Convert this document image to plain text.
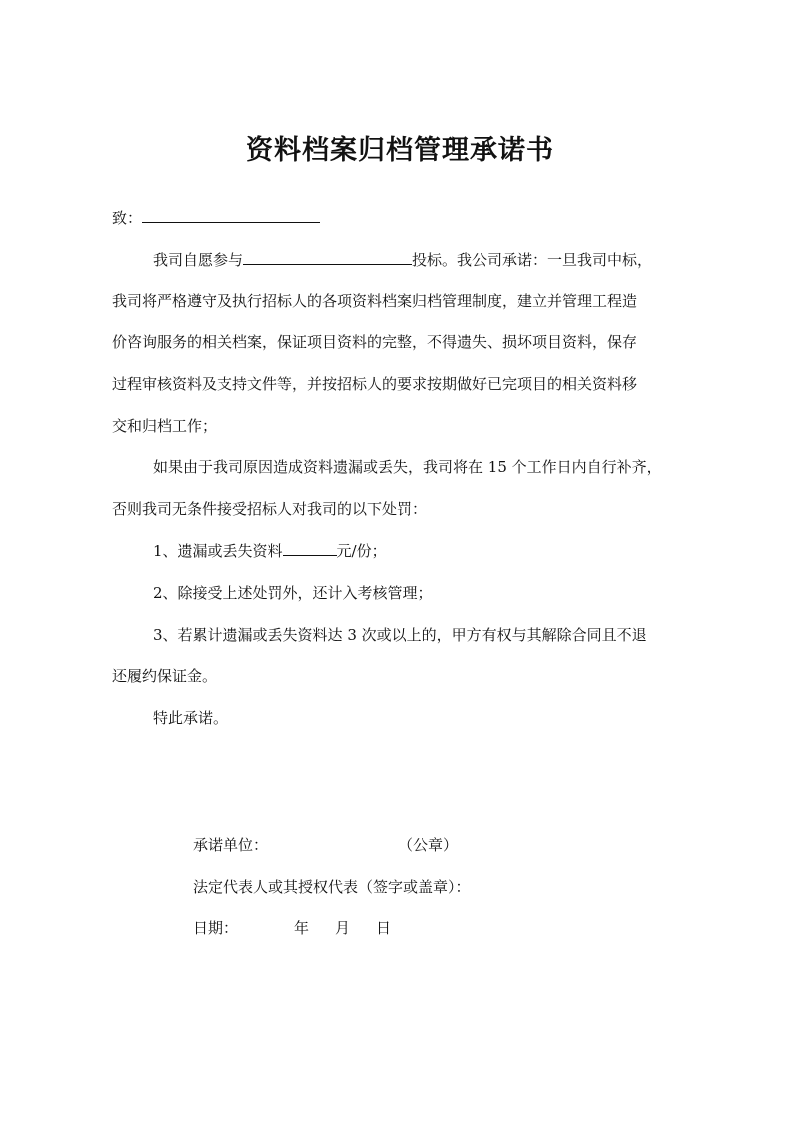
资料档案归档管理承诺书
致：
我司自愿参与	投标。我公司承诺：一旦我司中标，
我司将严格遵守及执行招标人的各项资料档案归档管理制度，建立并管理工程造
价咨询服务的相关档案，保证项目资料的完整，不得遗失、损坏项目资料，保存
过程审核资料及支持文件等，并按招标人的要求按期做好已完项目的相关资料移
交和归档工作；
如果由于我司原因造成资料遗漏或丢失，我司将在 15 个工作日内自行补齐，
否则我司无条件接受招标人对我司的以下处罚：
1、遗漏或丢失资料	元/份；
2、除接受上述处罚外，还计入考核管理；
3、若累计遗漏或丢失资料达 3 次或以上的，甲方有权与其解除合同且不退
还履约保证金。
特此承诺。
承诺单位：	（公章）
法定代表人或其授权代表（签字或盖章）：
日期：	年 月 日
